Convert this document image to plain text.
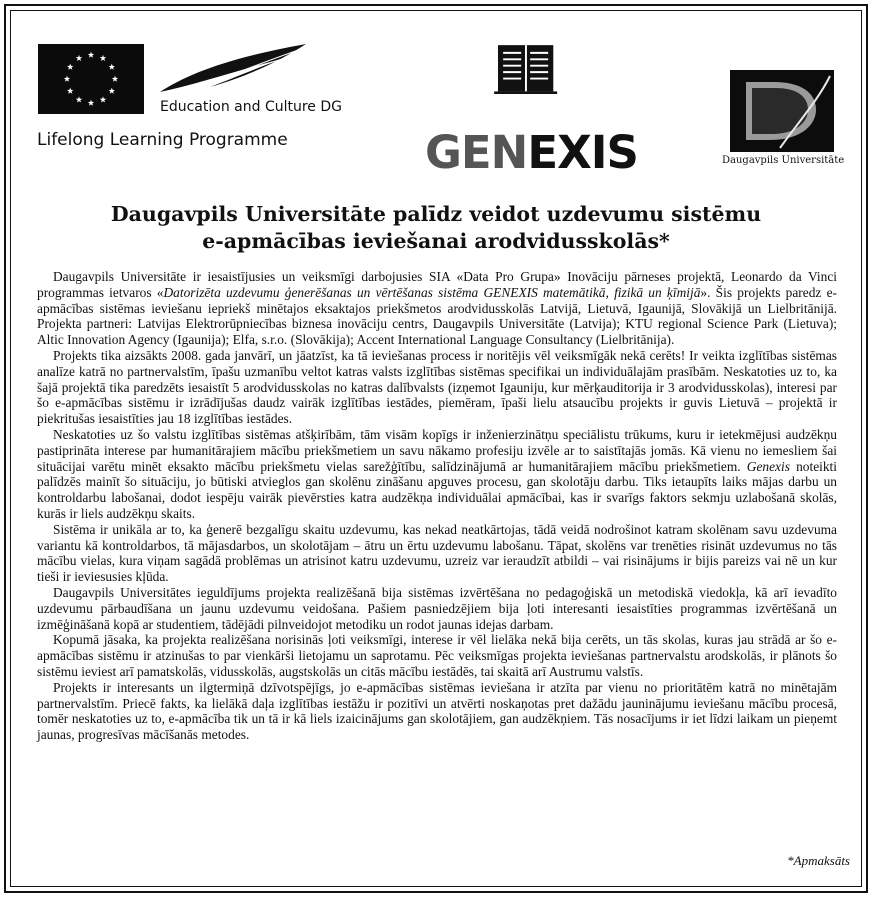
Education and Culture DG
Lifelong Learning Programme	GENEXIS	Daugavpils Universitāte
Daugavpils Universitāte palīdz veidot uzdevumu sistēmu
e-apmācības ieviešanai arodvidusskolās*

Daugavpils Universitāte ir iesaistījusies un veiksmīgi darbojusies SIA «Data Pro Grupa» Inovāciju pārneses projektā, Leonardo da Vinci programmas ietvaros «Datorizēta uzdevumu ģenerēšanas un vērtēšanas sistēma GENEXIS matemātikā, fizikā un ķīmijā». Šis projekts paredz e-apmācības sistēmas ieviešanu iepriekš minētajos eksaktajos priekšmetos arodvidusskolās Latvijā, Lietuvā, Igaunijā, Slovākijā un Lielbritānijā. Projekta partneri: Latvijas Elektrorūpniecības biznesa inovāciju centrs, Daugavpils Universitāte (Latvija); KTU regional Science Park (Lietuva); Altic Innovation Agency (Igaunija); Elfa, s.r.o. (Slovākija); Accent International Language Consultancy (Lielbritānija).

Projekts tika aizsākts 2008. gada janvārī, un jāatzīst, ka tā ieviešanas process ir noritējis vēl veiksmīgāk nekā cerēts! Ir veikta izglītības sistēmas analīze katrā no partnervalstīm, īpašu uzmanību veltot katras valsts izglītības sistēmas specifikai un individuālajām prasībām. Neskatoties uz to, ka šajā projektā tika paredzēts iesaistīt 5 arodvidusskolas no katras dalībvalsts (izņemot Igauniju, kur mērķauditorija ir 3 arodvidusskolas), interesi par šo e-apmācības sistēmu ir izrādījušas daudz vairāk izglītības iestādes, piemēram, īpaši lielu atsaucību projekts ir guvis Lietuvā – projektā ir piekritušas iesaistīties jau 18 izglītības iestādes.

Neskatoties uz šo valstu izglītības sistēmas atšķirībām, tām visām kopīgs ir inženierzinātņu speciālistu trūkums, kuru ir ietekmējusi audzēkņu pastiprināta interese par humanitārajiem mācību priekšmetiem un savu nākamo profesiju izvēle ar to saistītajās jomās. Kā vienu no iemesliem šai situācijai varētu minēt eksakto mācību priekšmetu vielas sarežģītību, salīdzinājumā ar humanitārajiem mācību priekšmetiem. Genexis noteikti palīdzēs mainīt šo situāciju, jo būtiski atvieglos gan skolēnu zināšanu apguves procesu, gan skolotāju darbu. Tiks ietaupīts laiks mājas darbu un kontroldarbu labošanai, dodot iespēju vairāk pievērsties katra audzēkņa individuālai apmācībai, kas ir svarīgs faktors sekmju uzlabošanā skolās, kurās ir liels audzēkņu skaits.

Sistēma ir unikāla ar to, ka ģenerē bezgalīgu skaitu uzdevumu, kas nekad neatkārtojas, tādā veidā nodrošinot katram skolēnam savu uzdevuma variantu kā kontroldarbos, tā mājasdarbos, un skolotājam – ātru un ērtu uzdevumu labošanu. Tāpat, skolēns var trenēties risināt uzdevumus no tās mācību vielas, kura viņam sagādā problēmas un atrisinot katru uzdevumu, uzreiz var ieraudzīt atbildi – vai risinājums ir bijis pareizs vai nē un kur tieši ir ieviesusies kļūda.

Daugavpils Universitātes ieguldījums projekta realizēšanā bija sistēmas izvērtēšana no pedagoģiskā un metodiskā viedokļa, kā arī ievadīto uzdevumu pārbaudīšana un jaunu uzdevumu veidošana. Pašiem pasniedzējiem bija ļoti interesanti iesaistīties programmas izvērtēšanā un izmēģināšanā kopā ar studentiem, tādējādi pilnveidojot metodiku un rodot jaunas idejas darbam.

Kopumā jāsaka, ka projekta realizēšana norisinās ļoti veiksmīgi, interese ir vēl lielāka nekā bija cerēts, un tās skolas, kuras jau strādā ar šo e-apmācības sistēmu ir atzinušas to par vienkārši lietojamu un saprotamu. Pēc veiksmīgas projekta ieviešanas partnervalstu arodskolās, ir plānots šo sistēmu ieviest arī pamatskolās, vidusskolās, augstskolās un citās mācību iestādēs, tai skaitā arī Austrumu valstīs.

Projekts ir interesants un ilgtermiņā dzīvotspējīgs, jo e-apmācības sistēmas ieviešana ir atzīta par vienu no prioritātēm katrā no minētajām partnervalstīm. Priecē fakts, ka lielākā daļa izglītības iestāžu ir pozitīvi un atvērti noskaņotas pret dažādu jauninājumu ieviešanu mācību procesā, tomēr neskatoties uz to, e-apmācība tik un tā ir kā liels izaicinājums gan skolotājiem, gan audzēkņiem. Tās nosacījums ir iet līdzi laikam un pieņemt jaunas, progresīvas mācīšanās metodes.

*Apmaksāts
